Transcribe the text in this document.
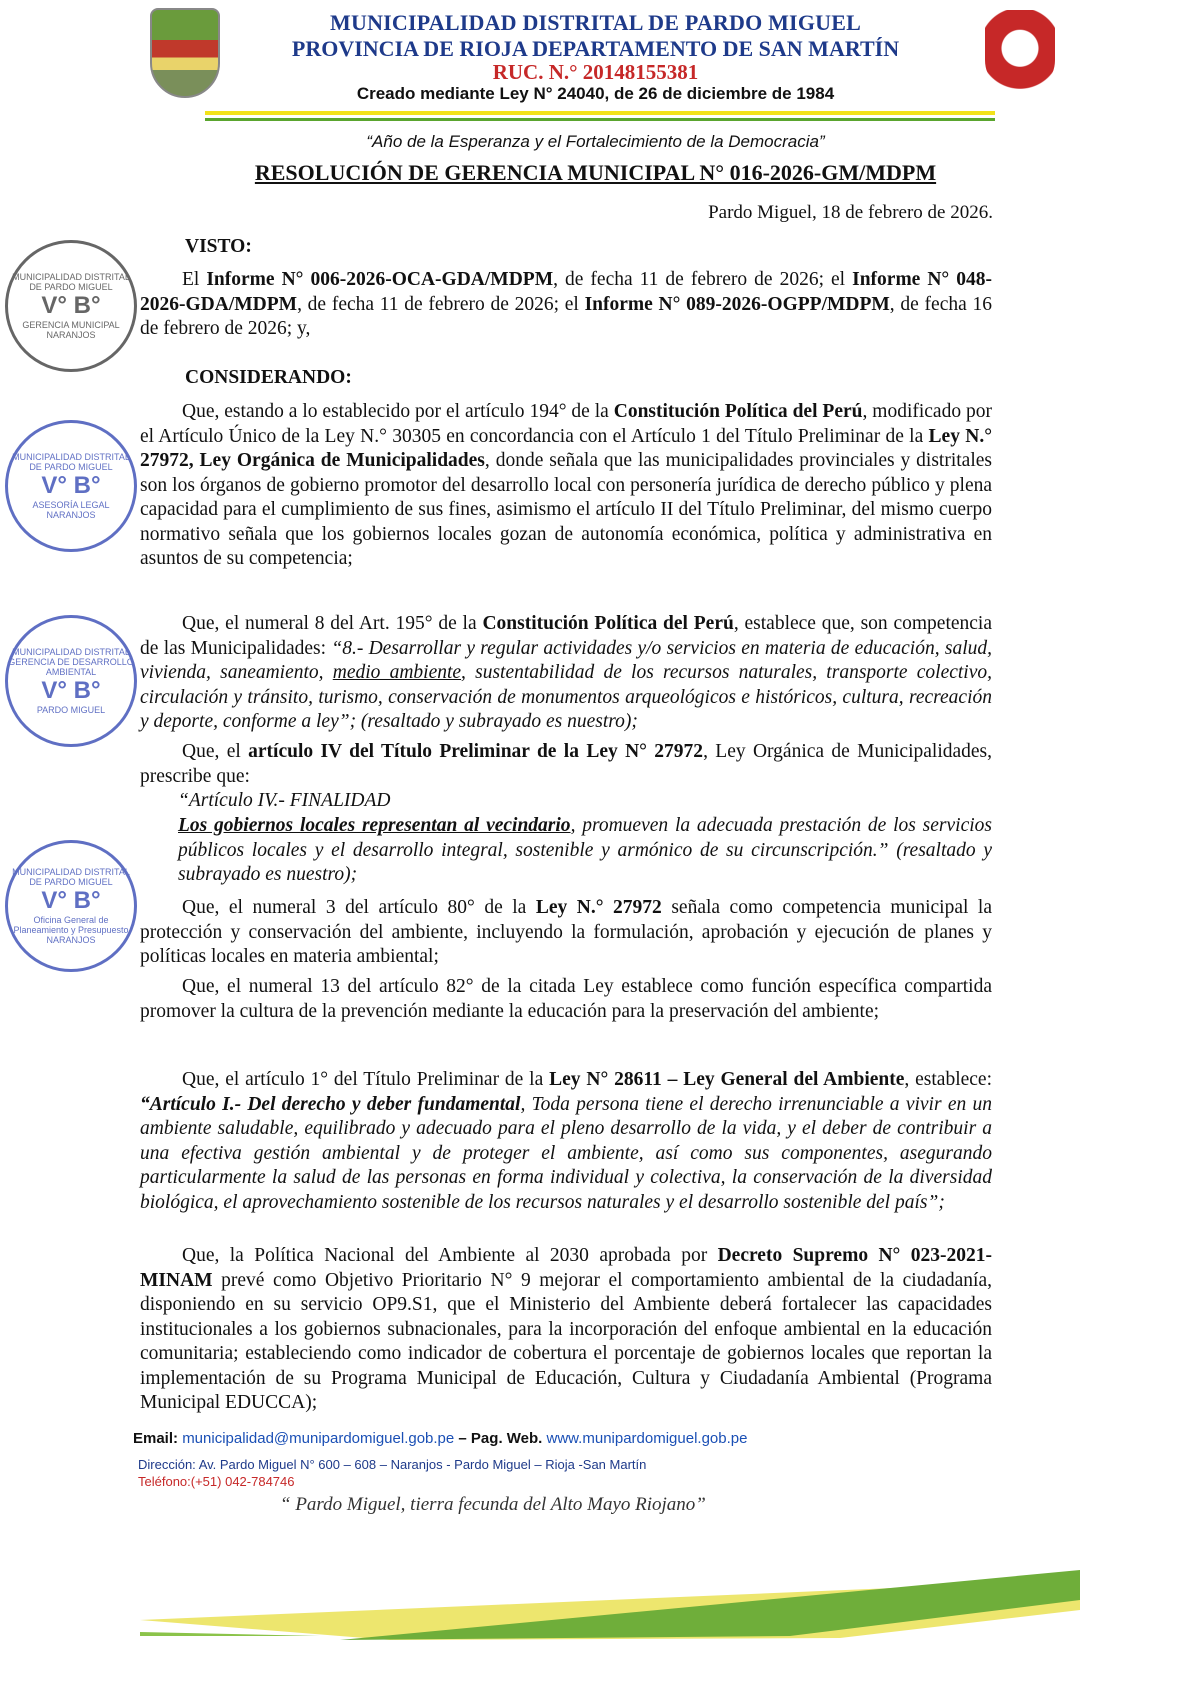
MUNICIPALIDAD DISTRITAL DE PARDO MIGUEL
PROVINCIA DE RIOJA DEPARTAMENTO DE SAN MARTÍN
RUC. N.° 20148155381
Creado mediante Ley N° 24040, de 26 de diciembre de 1984
“Año de la Esperanza y el Fortalecimiento de la Democracia”
RESOLUCIÓN DE GERENCIA MUNICIPAL N° 016-2026-GM/MDPM
Pardo Miguel, 18 de febrero de 2026.
MUNICIPALIDAD DISTRITAL DE PARDO MIGUEL
V° B°
GERENCIA MUNICIPAL
NARANJOS
MUNICIPALIDAD DISTRITAL DE PARDO MIGUEL
V° B°
ASESORÍA LEGAL
NARANJOS
MUNICIPALIDAD DISTRITAL
GERENCIA DE DESARROLLO AMBIENTAL
V° B°
PARDO MIGUEL
MUNICIPALIDAD DISTRITAL DE PARDO MIGUEL
V° B°
Oficina General de Planeamiento y Presupuesto
NARANJOS
VISTO:
El Informe N° 006-2026-OCA-GDA/MDPM, de fecha 11 de febrero de 2026; el Informe N° 048-2026-GDA/MDPM, de fecha 11 de febrero de 2026; el Informe N° 089-2026-OGPP/MDPM, de fecha 16 de febrero de 2026; y,
CONSIDERANDO:
Que, estando a lo establecido por el artículo 194° de la Constitución Política del Perú, modificado por el Artículo Único de la Ley N.° 30305 en concordancia con el Artículo 1 del Título Preliminar de la Ley N.° 27972, Ley Orgánica de Municipalidades, donde señala que las municipalidades provinciales y distritales son los órganos de gobierno promotor del desarrollo local con personería jurídica de derecho público y plena capacidad para el cumplimiento de sus fines, asimismo el artículo II del Título Preliminar, del mismo cuerpo normativo señala que los gobiernos locales gozan de autonomía económica, política y administrativa en asuntos de su competencia;
Que, el numeral 8 del Art. 195° de la Constitución Política del Perú, establece que, son competencia de las Municipalidades: “8.- Desarrollar y regular actividades y/o servicios en materia de educación, salud, vivienda, saneamiento, medio ambiente, sustentabilidad de los recursos naturales, transporte colectivo, circulación y tránsito, turismo, conservación de monumentos arqueológicos e históricos, cultura, recreación y deporte, conforme a ley”; (resaltado y subrayado es nuestro);
Que, el artículo IV del Título Preliminar de la Ley N° 27972, Ley Orgánica de Municipalidades, prescribe que:
“Artículo IV.- FINALIDAD
Los gobiernos locales representan al vecindario, promueven la adecuada prestación de los servicios públicos locales y el desarrollo integral, sostenible y armónico de su circunscripción.” (resaltado y subrayado es nuestro);
Que, el numeral 3 del artículo 80° de la Ley N.° 27972 señala como competencia municipal la protección y conservación del ambiente, incluyendo la formulación, aprobación y ejecución de planes y políticas locales en materia ambiental;
Que, el numeral 13 del artículo 82° de la citada Ley establece como función específica compartida promover la cultura de la prevención mediante la educación para la preservación del ambiente;
Que, el artículo 1° del Título Preliminar de la Ley N° 28611 – Ley General del Ambiente, establece: “Artículo I.- Del derecho y deber fundamental, Toda persona tiene el derecho irrenunciable a vivir en un ambiente saludable, equilibrado y adecuado para el pleno desarrollo de la vida, y el deber de contribuir a una efectiva gestión ambiental y de proteger el ambiente, así como sus componentes, asegurando particularmente la salud de las personas en forma individual y colectiva, la conservación de la diversidad biológica, el aprovechamiento sostenible de los recursos naturales y el desarrollo sostenible del país”;
Que, la Política Nacional del Ambiente al 2030 aprobada por Decreto Supremo N° 023-2021-MINAM prevé como Objetivo Prioritario N° 9 mejorar el comportamiento ambiental de la ciudadanía, disponiendo en su servicio OP9.S1, que el Ministerio del Ambiente deberá fortalecer las capacidades institucionales a los gobiernos subnacionales, para la incorporación del enfoque ambiental en la educación comunitaria; estableciendo como indicador de cobertura el porcentaje de gobiernos locales que reportan la implementación de su Programa Municipal de Educación, Cultura y Ciudadanía Ambiental (Programa Municipal EDUCCA);
Email: municipalidad@munipardomiguel.gob.pe – Pag. Web. www.munipardomiguel.gob.pe
Dirección: Av. Pardo Miguel N° 600 – 608 – Naranjos - Pardo Miguel – Rioja -San Martín
Teléfono:(+51) 042-784746
“ Pardo Miguel, tierra fecunda del Alto Mayo Riojano”
